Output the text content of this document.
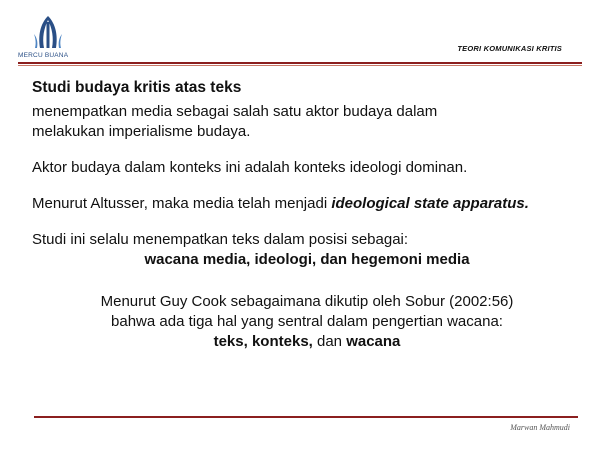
MERCU BUANA
TEORI KOMUNIKASI KRITIS
Studi budaya kritis atas teks

menempatkan media sebagai salah satu aktor budaya dalam

melakukan imperialisme budaya.

Aktor budaya dalam konteks ini adalah konteks ideologi dominan.

Menurut Altusser, maka media telah menjadi ideological state apparatus.

Studi ini selalu menempatkan teks dalam posisi sebagai:

wacana media, ideologi, dan hegemoni media

Menurut Guy Cook sebagaimana dikutip oleh Sobur (2002:56)

bahwa ada tiga hal yang sentral dalam pengertian wacana:

teks, konteks, dan wacana

Marwan Mahmudi
